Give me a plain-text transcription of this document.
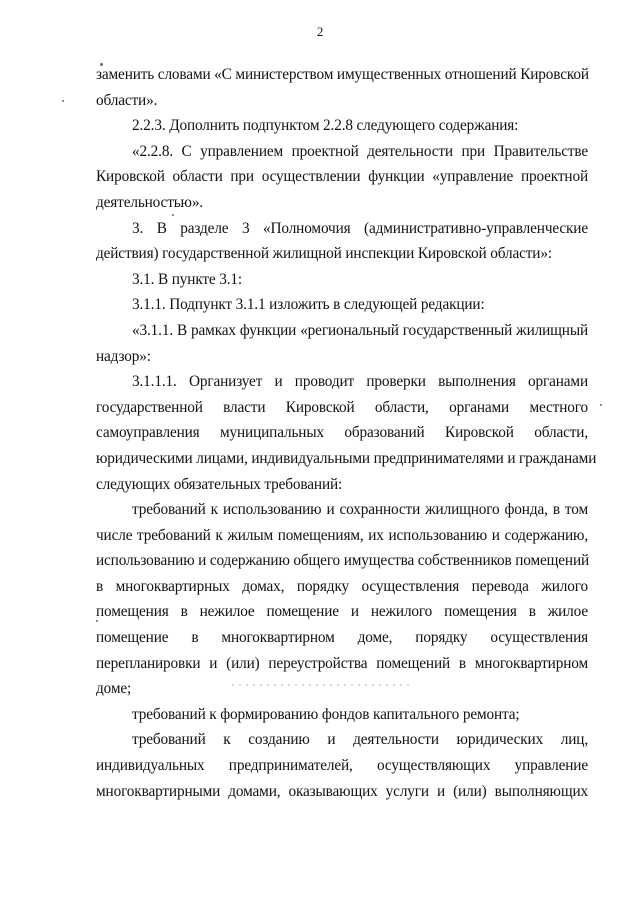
2
заменить словами «С министерством имущественных отношений Кировской
области».
2.2.3. Дополнить подпунктом 2.2.8 следующего содержания:
«2.2.8. С управлением проектной деятельности при Правительстве
Кировской области при осуществлении функции «управление проектной
деятельностью».
3. В разделе 3 «Полномочия (административно-управленческие
действия) государственной жилищной инспекции Кировской области»:
3.1. В пункте 3.1:
3.1.1. Подпункт 3.1.1 изложить в следующей редакции:
«3.1.1. В рамках функции «региональный государственный жилищный
надзор»:
3.1.1.1. Организует и проводит проверки выполнения органами
государственной власти Кировской области, органами местного
самоуправления муниципальных образований Кировской области,
юридическими лицами, индивидуальными предпринимателями и гражданами
следующих обязательных требований:
требований к использованию и сохранности жилищного фонда, в том
числе требований к жилым помещениям, их использованию и содержанию,
использованию и содержанию общего имущества собственников помещений
в многоквартирных домах, порядку осуществления перевода жилого
помещения в нежилое помещение и нежилого помещения в жилое
помещение в многоквартирном доме, порядку осуществления
перепланировки и (или) переустройства помещений в многоквартирном
доме;
требований к формированию фондов капитального ремонта;
требований к созданию и деятельности юридических лиц,
индивидуальных предпринимателей, осуществляющих управление
многоквартирными домами, оказывающих услуги и (или) выполняющих
